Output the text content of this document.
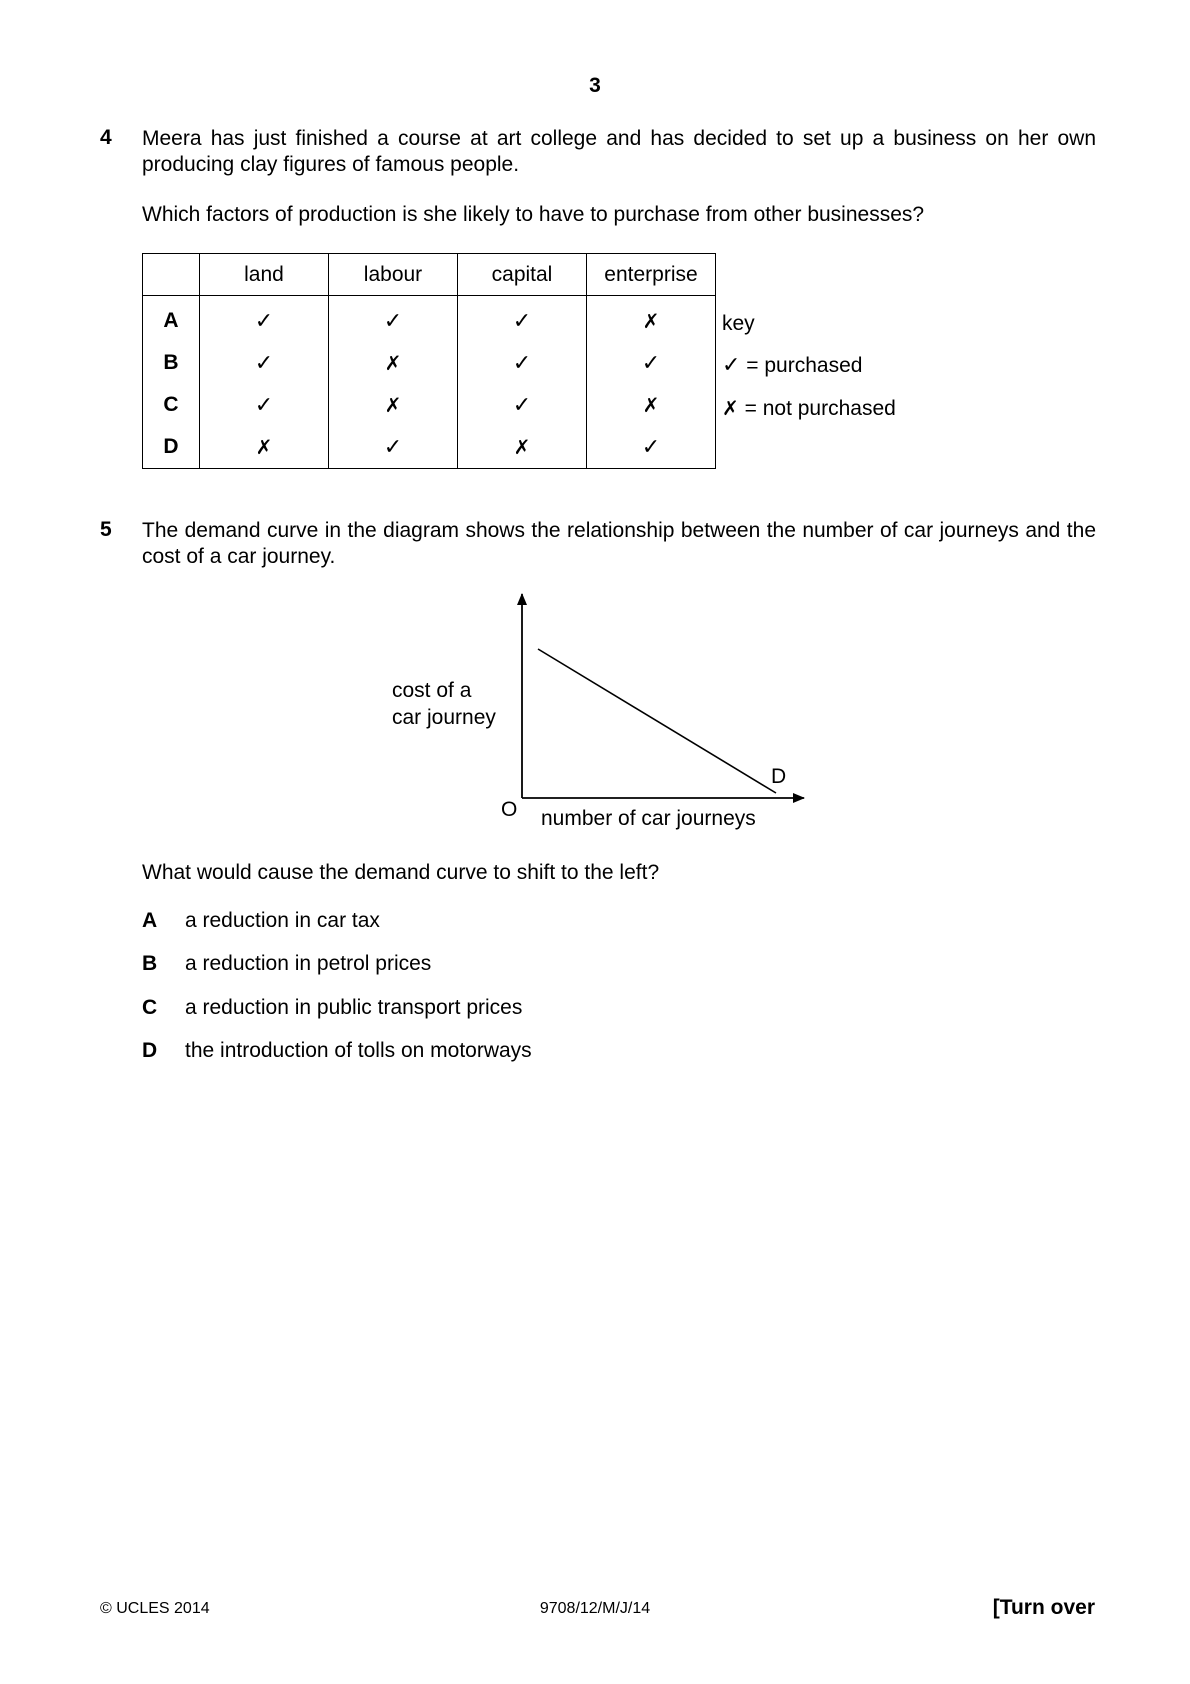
3
4 Meera has just finished a course at art college and has decided to set up a business on her own producing clay figures of famous people.
Which factors of production is she likely to have to purchase from other businesses?
	land	labour	capital	enterprise
A	✓	✓	✓	✗
B	✓	✗	✓	✓
C	✓	✗	✓	✗
D	✗	✓	✗	✓
key
✓ = purchased
✗ = not purchased
5 The demand curve in the diagram shows the relationship between the number of car journeys and the cost of a car journey.
cost of a
car journey
number of car journeys
O
D
What would cause the demand curve to shift to the left?
A a reduction in car tax
B a reduction in petrol prices
C a reduction in public transport prices
D the introduction of tolls on motorways
© UCLES 2014	9708/12/M/J/14	[Turn over
